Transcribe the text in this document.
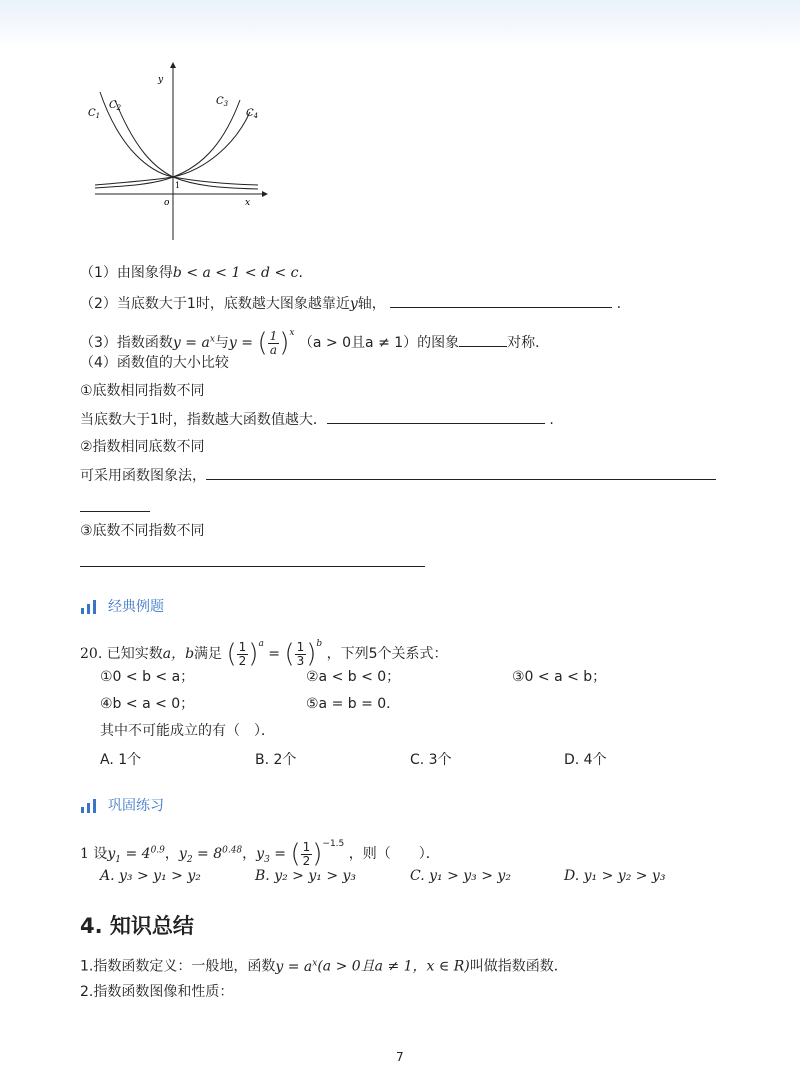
y
x
o
1
$C_1$
$C_2$
$C_3$
$C_4$
（1）由图象得b < a < 1 < d < c.
（2）当底数大于1时，底数越大图象越靠近y轴，	.
（3）指数函数$y = a^x$与y = ( $\frac{1}{a} )^x$ （a > 0且a ≠ 1）的图象	对称．
（4）函数值的大小比较
①底数相同指数不同
当底数大于1时，指数越大函数值越大．	.
②指数相同底数不同
可采用函数图象法，
③底数不同指数不同
经典例题
20. 已知实数a，b满足 ( $\frac{1}{2} )^a$ = ( $\frac{1}{3} )^b$ ，下列5个关系式：
①0 < b < a；	②a < b < 0；	③0 < a < b；
④b < a < 0；	⑤a = b = 0．
其中不可能成立的有（　）．
A. 1个	B. 2个	C. 3个	D. 4个
巩固练习
1 设$y_1 = 4^{0.9}$，$y_2 = 8^{0.48}$，$y_3$ = ( $\frac{1}{2} )^{-1.5}$ ，则（　　）．
A. y₃ > y₁ > y₂	B. y₂ > y₁ > y₃	C. y₁ > y₃ > y₂	D. y₁ > y₂ > y₃
4. 知识总结
1.指数函数定义：一般地，函数$y = a^x(a > 0$且a ≠ 1，x ∈ R)叫做指数函数．
2.指数函数图像和性质：
7
